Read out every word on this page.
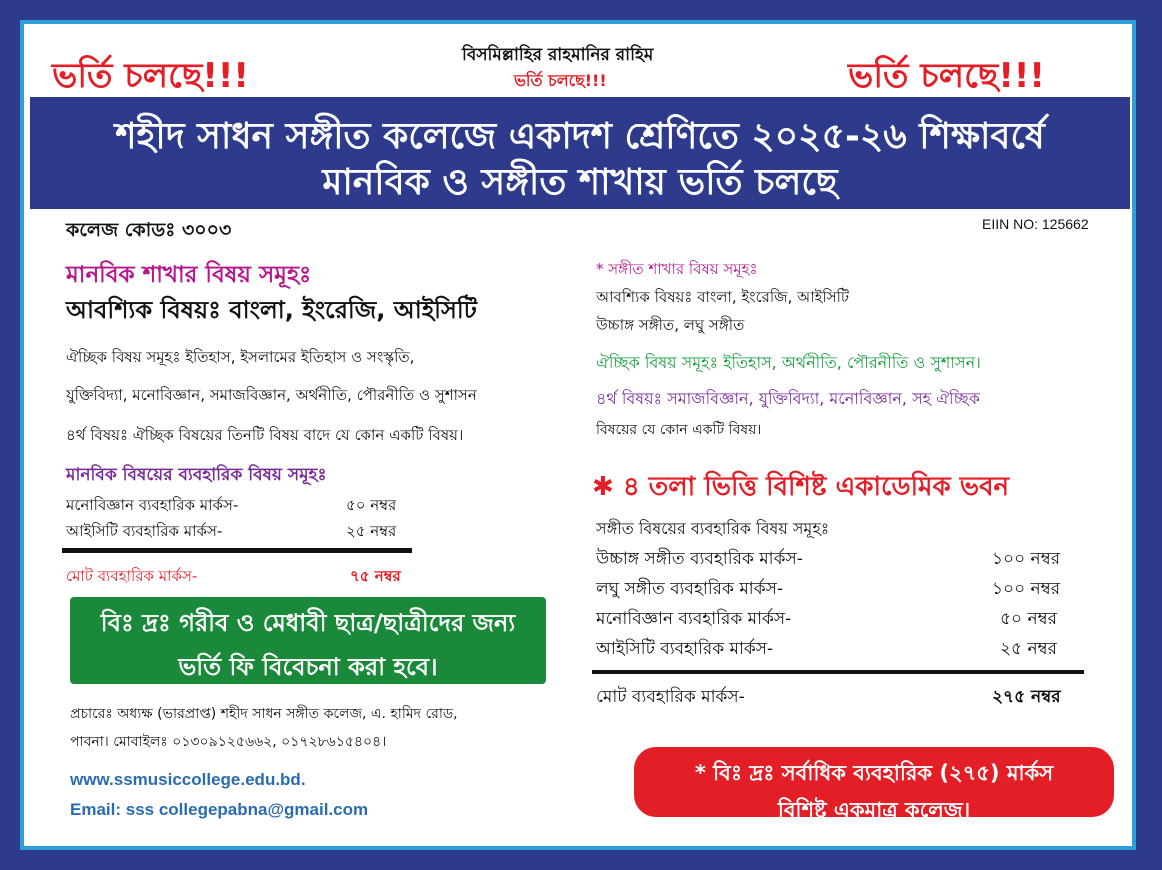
ভর্তি চলছে!!!	ভর্তি চলছে!!!
বিসমিল্লাহির রাহমানির রাহিম
ভর্তি চলছে!!!
শহীদ সাধন সঙ্গীত কলেজে একাদশ শ্রেণিতে ২০২৫-২৬ শিক্ষাবর্ষে
মানবিক ও সঙ্গীত শাখায় ভর্তি চলছে
কলেজ কোডঃ ৩০০৩	EIIN NO: 125662
মানবিক শাখার বিষয় সমূহঃ
আবশ্যিক বিষয়ঃ বাংলা, ইংরেজি, আইসিটি
ঐচ্ছিক বিষয় সমূহঃ ইতিহাস, ইসলামের ইতিহাস ও সংস্কৃতি,
যুক্তিবিদ্যা, মনোবিজ্ঞান, সমাজবিজ্ঞান, অর্থনীতি, পৌরনীতি ও সুশাসন
৪র্থ বিষয়ঃ ঐচ্ছিক বিষয়ের তিনটি বিষয় বাদে যে কোন একটি বিষয়।
মানবিক বিষয়ের ব্যবহারিক বিষয় সমূহঃ
মনোবিজ্ঞান ব্যবহারিক মার্কস-	৫০ নম্বর
আইসিটি ব্যবহারিক মার্কস-	২৫ নম্বর
মোট ব্যবহারিক মার্কস-	৭৫ নম্বর
বিঃ দ্রঃ গরীব ও মেধাবী ছাত্র/ছাত্রীদের জন্য
ভর্তি ফি বিবেচনা করা হবে।
প্রচারেঃ অধ্যক্ষ (ভারপ্রাপ্ত) শহীদ সাধন সঙ্গীত কলেজ, এ. হামিদ রোড,
পাবনা। মোবাইলঃ ০১৩০৯১২৫৬৬২, ০১৭২৮৬১৫৪০৪।
www.ssmusiccollege.edu.bd.
Email: sss collegepabna@gmail.com
* সঙ্গীত শাখার বিষয় সমূহঃ
আবশ্যিক বিষয়ঃ বাংলা, ইংরেজি, আইসিটি
উচ্চাঙ্গ সঙ্গীত, লঘু সঙ্গীত
ঐচ্ছিক বিষয় সমূহঃ ইতিহাস, অর্থনীতি, পৌরনীতি ও সুশাসন।
৪র্থ বিষয়ঃ সমাজবিজ্ঞান, যুক্তিবিদ্যা, মনোবিজ্ঞান, সহ ঐচ্ছিক
বিষয়ের যে কোন একটি বিষয়।
✱ ৪ তলা ভিত্তি বিশিষ্ট একাডেমিক ভবন
সঙ্গীত বিষয়ের ব্যবহারিক বিষয় সমূহঃ
উচ্চাঙ্গ সঙ্গীত ব্যবহারিক মার্কস-	১০০ নম্বর
লঘু সঙ্গীত ব্যবহারিক মার্কস-	১০০ নম্বর
মনোবিজ্ঞান ব্যবহারিক মার্কস-	৫০ নম্বর
আইসিটি ব্যবহারিক মার্কস-	২৫ নম্বর
মোট ব্যবহারিক মার্কস-	২৭৫ নম্বর
* বিঃ দ্রঃ সর্বাধিক ব্যবহারিক (২৭৫) মার্কস
বিশিষ্ট একমাত্র কলেজ।
